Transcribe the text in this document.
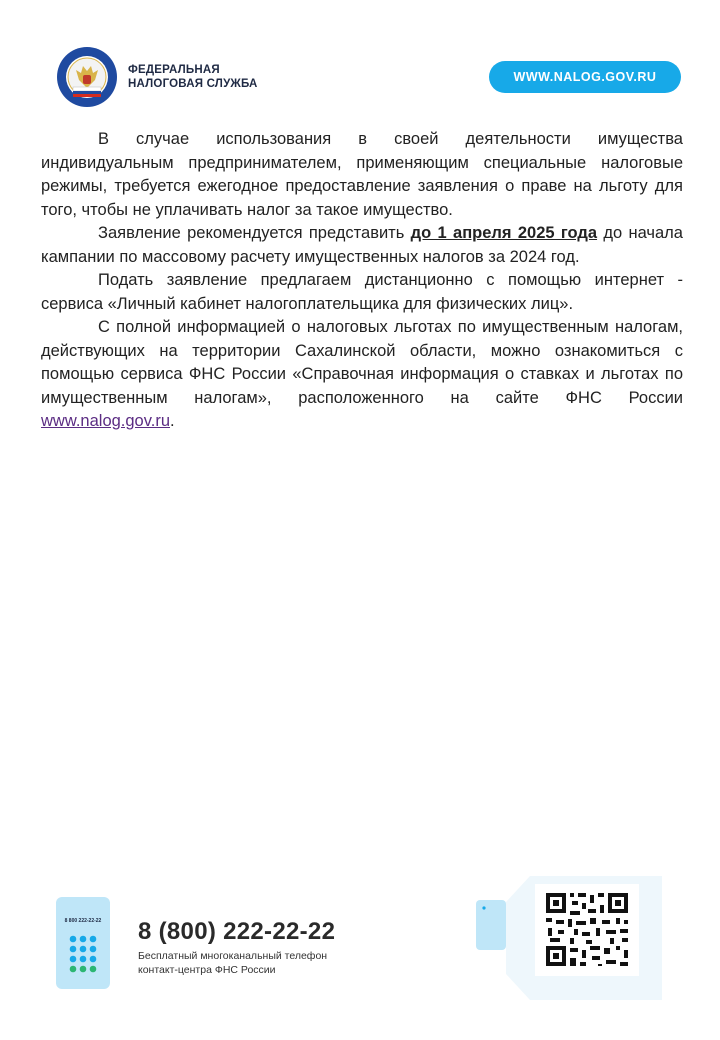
ФЕДЕРАЛЬНАЯ
НАЛОГОВАЯ СЛУЖБА	WWW.NALOG.GOV.RU

В случае использования в своей деятельности имущества индивидуальным предпринимателем, применяющим специальные налоговые режимы, требуется ежегодное предоставление заявления о праве на льготу для того, чтобы не уплачивать налог за такое имущество.

Заявление рекомендуется представить до 1 апреля 2025 года до начала кампании по массовому расчету имущественных налогов за 2024 год.

Подать заявление предлагаем дистанционно с помощью интернет - сервиса «Личный кабинет налогоплательщика для физических лиц».

С полной информацией о налоговых льготах по имущественным налогам, действующих на территории Сахалинской области, можно ознакомиться с помощью сервиса ФНС России «Справочная информация о ставках и льготах по имущественным налогам», расположенного на сайте ФНС России www.nalog.gov.ru.

8 800 222-22-22 8 (800) 222-22-22
Бесплатный многоканальный телефон
контакт-центра ФНС России
